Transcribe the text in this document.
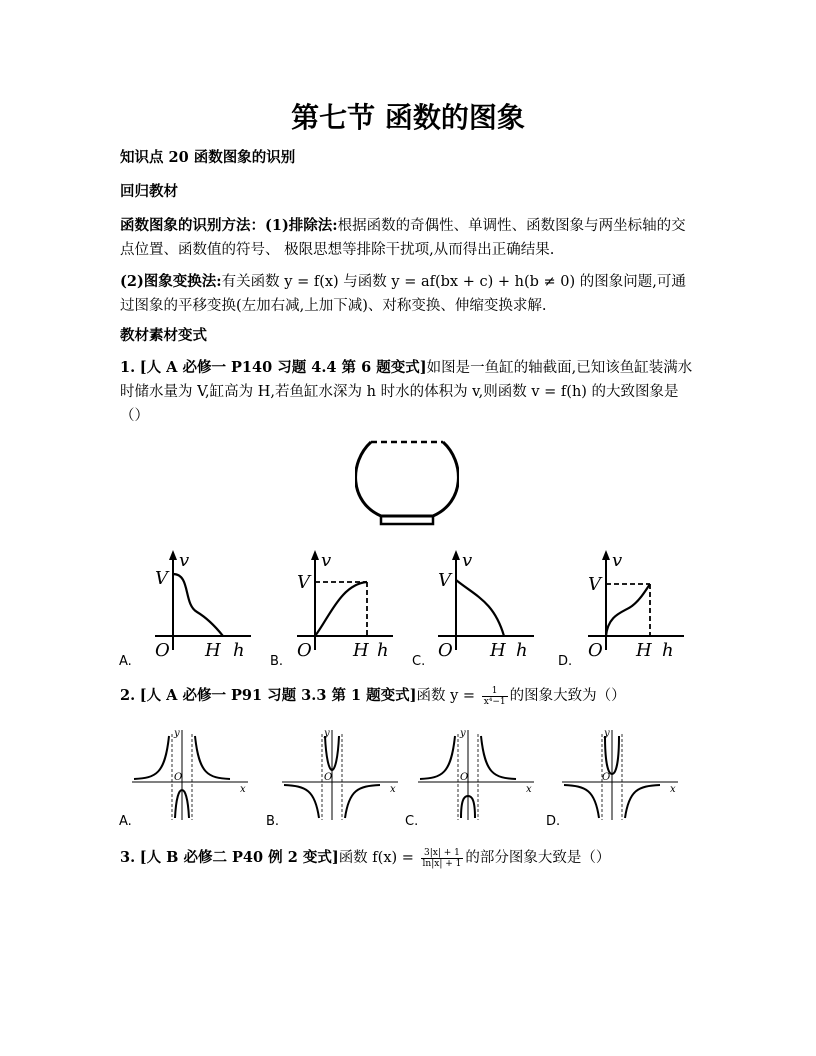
第七节 函数的图象

知识点 20 函数图象的识别

回归教材

函数图象的识别方法：(1)排除法:根据函数的奇偶性、单调性、函数图象与两坐标轴的交点位置、函数值的符号、 极限思想等排除干扰项,从而得出正确结果.

(2)图象变换法:有关函数 y = f(x) 与函数 y = af(bx + c) + h(b ≠ 0) 的图象问题,可通过图象的平移变换(左加右减,上加下减)、对称变换、伸缩变换求解.

教材素材变式

1. [人 A 必修一 P140 习题 4.4 第 6 题变式]如图是一鱼缸的轴截面,已知该鱼缸装满水时储水量为 V,缸高为 H,若鱼缸水深为 h 时水的体积为 v,则函数 v = f(h) 的大致图象是（）

v
V
O H h
v
V
O H h
v
V
O H h
v
V
O H h
A.	B.	C.	D.

2. [人 A 必修一 P91 习题 3.3 第 1 题变式]函数 $y = \frac{1}{\text{x⁴−1}}$ 的图象大致为（）

y
O
x
y
O
x
y
O
x
y
O
x
A.	B.	C.	D.

3. [人 B 必修二 P40 例 2 变式]函数 $f(x) = \frac{3|x| + 1}{\ln|x| + 1}$ 的部分图象大致是（）
